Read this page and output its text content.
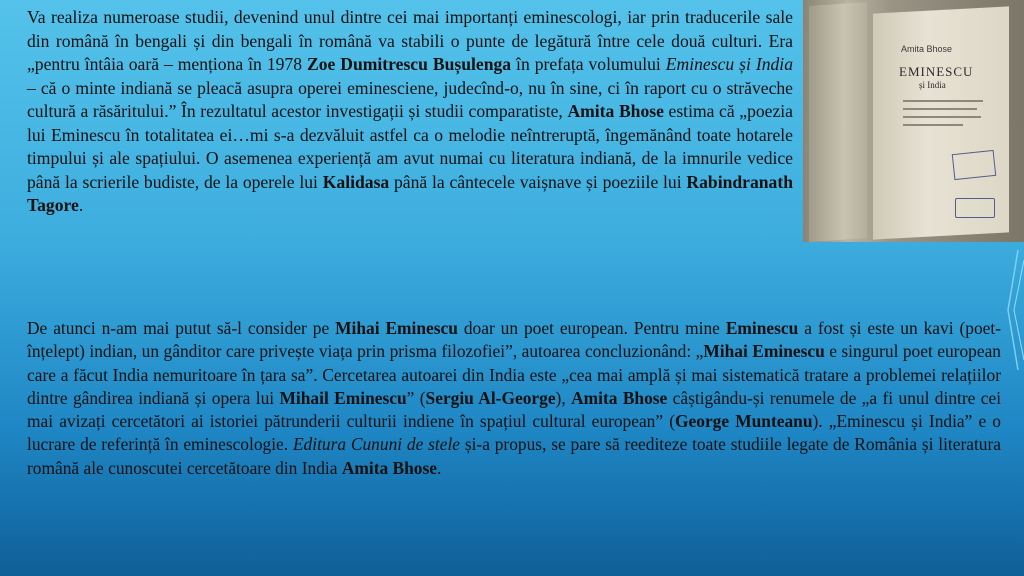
Va realiza numeroase studii, devenind unul dintre cei mai importanți eminescologi, iar prin traducerile sale din română în bengali și din bengali în română va stabili o punte de legătură între cele două culturi. Era „pentru întâia oară – menționa în 1978 Zoe Dumitrescu Bușulenga în prefața volumului Eminescu și India – că o minte indiană se pleacă asupra operei eminesciene, judecînd-o, nu în sine, ci în raport cu o străveche cultură a răsăritului.” În rezultatul acestor investigații și studii comparatiste, Amita Bhose estima că „poezia lui Eminescu în totalitatea ei…mi s-a dezvăluit astfel ca o melodie neîntreruptă, îngemănând toate hotarele timpului și ale spațiului. O asemenea experiență am avut numai cu literatura indiană, de la imnurile vedice până la scrierile budiste, de la operele lui Kalidasa până la cântecele vaișnave și poeziile lui Rabindranath Tagore.

Amita Bhose
EMINESCU
și India

De atunci n-am mai putut să-l consider pe Mihai Eminescu doar un poet european. Pentru mine Eminescu a fost și este un kavi (poet-înțelept) indian, un gânditor care privește viața prin prisma filozofiei”, autoarea concluzionând: „Mihai Eminescu e singurul poet european care a făcut India nemuritoare în țara sa”. Cercetarea autoarei din India este „cea mai amplă și mai sistematică tratare a problemei relațiilor dintre gândirea indiană și opera lui Mihail Eminescu” (Sergiu Al-George), Amita Bhose câștigându-și renumele de „a fi unul dintre cei mai avizați cercetători ai istoriei pătrunderii culturii indiene în spațiul cultural european” (George Munteanu). „Eminescu și India” e o lucrare de referință în eminescologie. Editura Cununi de stele și-a propus, se pare să reediteze toate studiile legate de România și literatura română ale cunoscutei cercetătoare din India Amita Bhose.
